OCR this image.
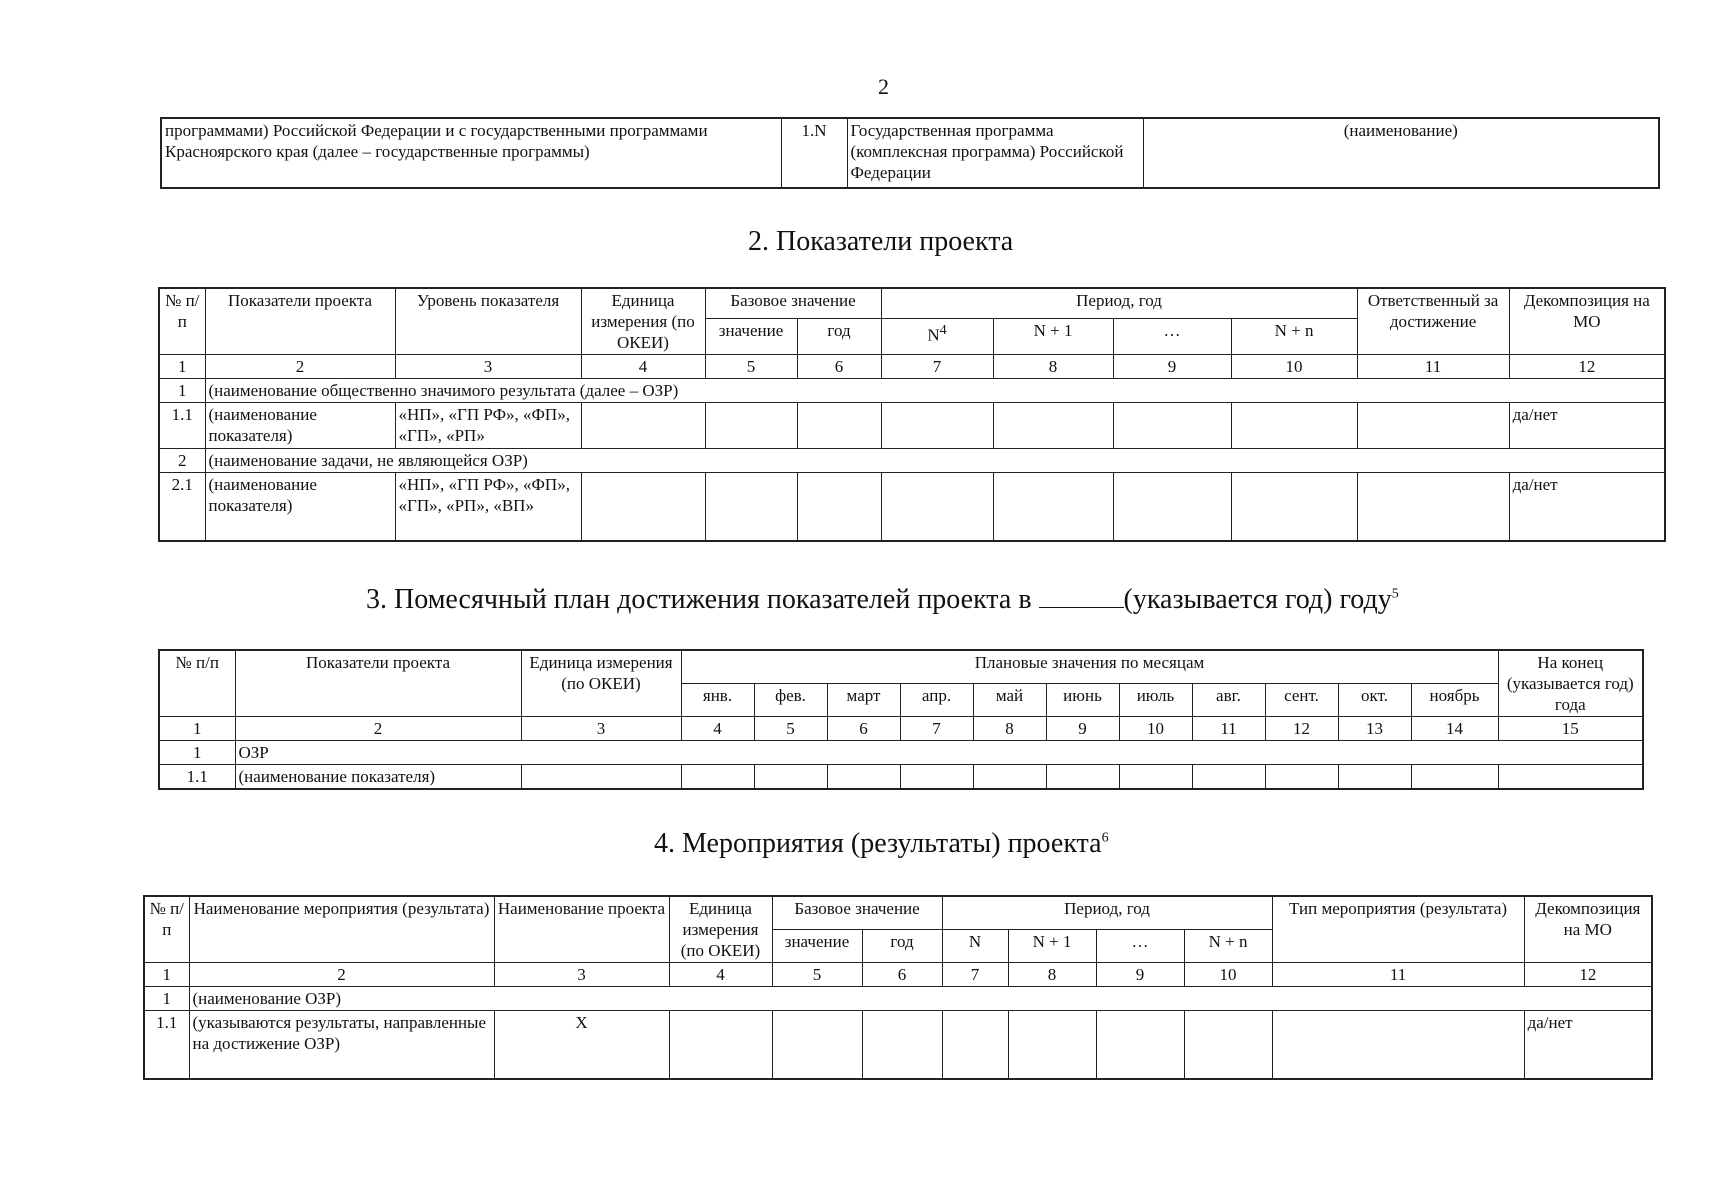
2
программами) Российской Федерации и с государственными программами Красноярского края (далее – государственные программы)	1.N	Государственная программа (комплексная программа) Российской Федерации	(наименование)
2. Показатели проекта
№ п/п	Показатели проекта	Уровень показателя	Единица измерения (по ОКЕИ)	Базовое значение		Период, год				Ответственный за достижение	Декомпозиция на МО
				значение	год	$N^4$	N + 1	…	N + n		
1	2	3	4	5	6	7	8	9	10	11	12
1	(наименование общественно значимого результата (далее – ОЗР)										
1.1	(наименование показателя)	«НП», «ГП РФ», «ФП», «ГП», «РП»									да/нет
2	(наименование задачи, не являющейся ОЗР)										
2.1	(наименование показателя)	«НП», «ГП РФ», «ФП», «ГП», «РП», «ВП»									да/нет
3. Помесячный план достижения показателей проекта в	(указывается год) году$^5$
№ п/п	Показатели проекта	Единица измерения (по ОКЕИ)	Плановые значения по месяцам											На конец (указывается год) года
			янв.	фев.	март	апр.	май	июнь	июль	авг.	сент.	окт.	ноябрь	
1	2	3	4	5	6	7	8	9	10	11	12	13	14	15
1	ОЗР													
1.1	(наименование показателя)													
4. Мероприятия (результаты) проекта$^6$
№ п/п	Наименование мероприятия (результата)	Наименование проекта	Единица измерения (по ОКЕИ)	Базовое значение		Период, год				Тип мероприятия (результата)	Декомпозиция на МО
				значение	год	N	N + 1	…	N + n		
1	2	3	4	5	6	7	8	9	10	11	12
1	(наименование ОЗР)										
1.1	(указываются результаты, направленные на достижение ОЗР)	X									да/нет
